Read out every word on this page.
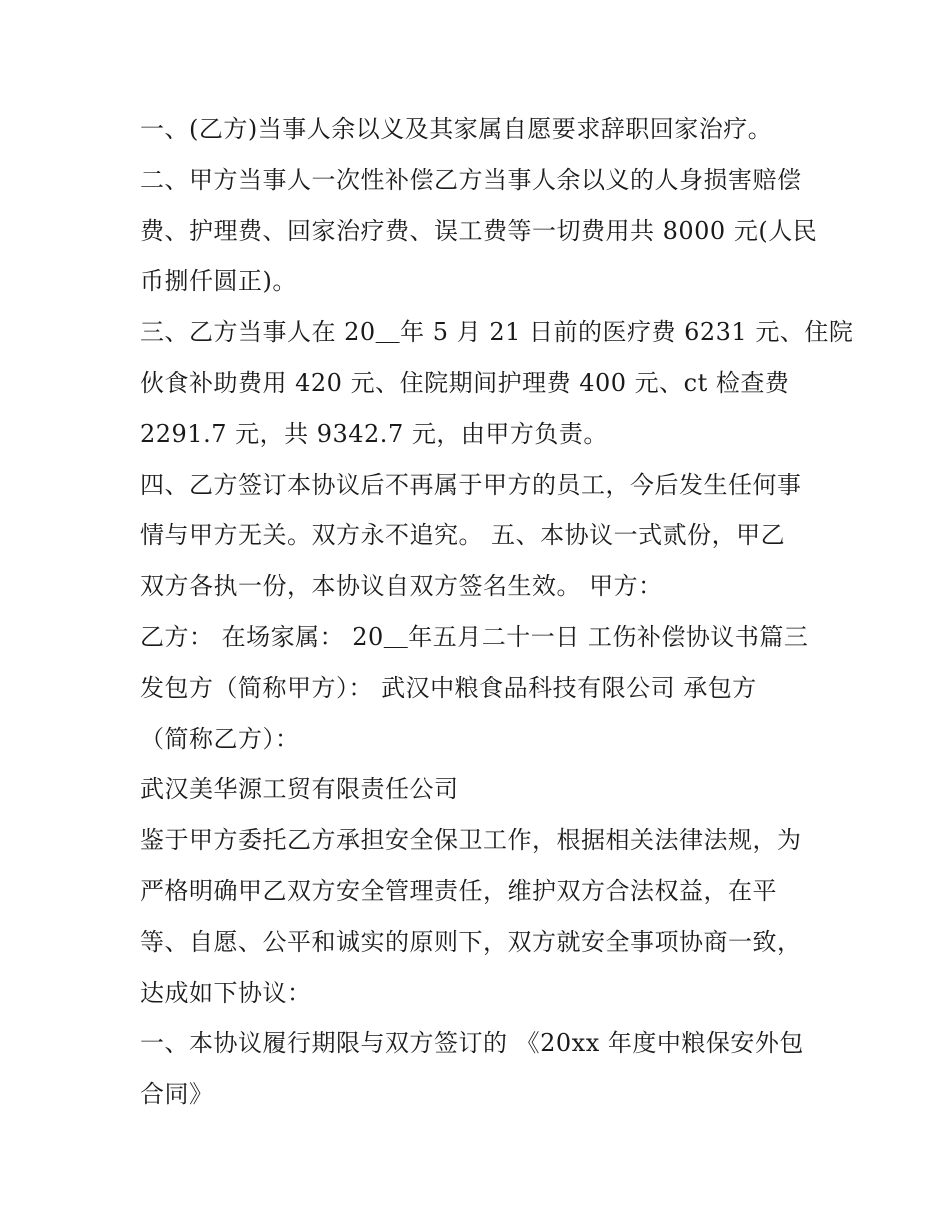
一、(乙方)当事人余以义及其家属自愿要求辞职回家治疗。
二、甲方当事人一次性补偿乙方当事人余以义的人身损害赔偿
费、护理费、回家治疗费、误工费等一切费用共 8000 元(人民
币捌仟圆正)。
三、乙方当事人在 20＿年 5 月 21 日前的医疗费 6231 元、住院
伙食补助费用 420 元、住院期间护理费 400 元、ct 检查费
2291.7 元，共 9342.7 元，由甲方负责。
四、乙方签订本协议后不再属于甲方的员工，今后发生任何事
情与甲方无关。双方永不追究。 五、本协议一式贰份，甲乙
双方各执一份，本协议自双方签名生效。 甲方：
乙方： 在场家属： 20＿年五月二十一日 工伤补偿协议书篇三
发包方（简称甲方）： 武汉中粮食品科技有限公司 承包方
（简称乙方）：
武汉美华源工贸有限责任公司
鉴于甲方委托乙方承担安全保卫工作，根据相关法律法规，为
严格明确甲乙双方安全管理责任，维护双方合法权益，在平
等、自愿、公平和诚实的原则下，双方就安全事项协商一致，
达成如下协议：
一、本协议履行期限与双方签订的 《20xx 年度中粮保安外包
合同》
